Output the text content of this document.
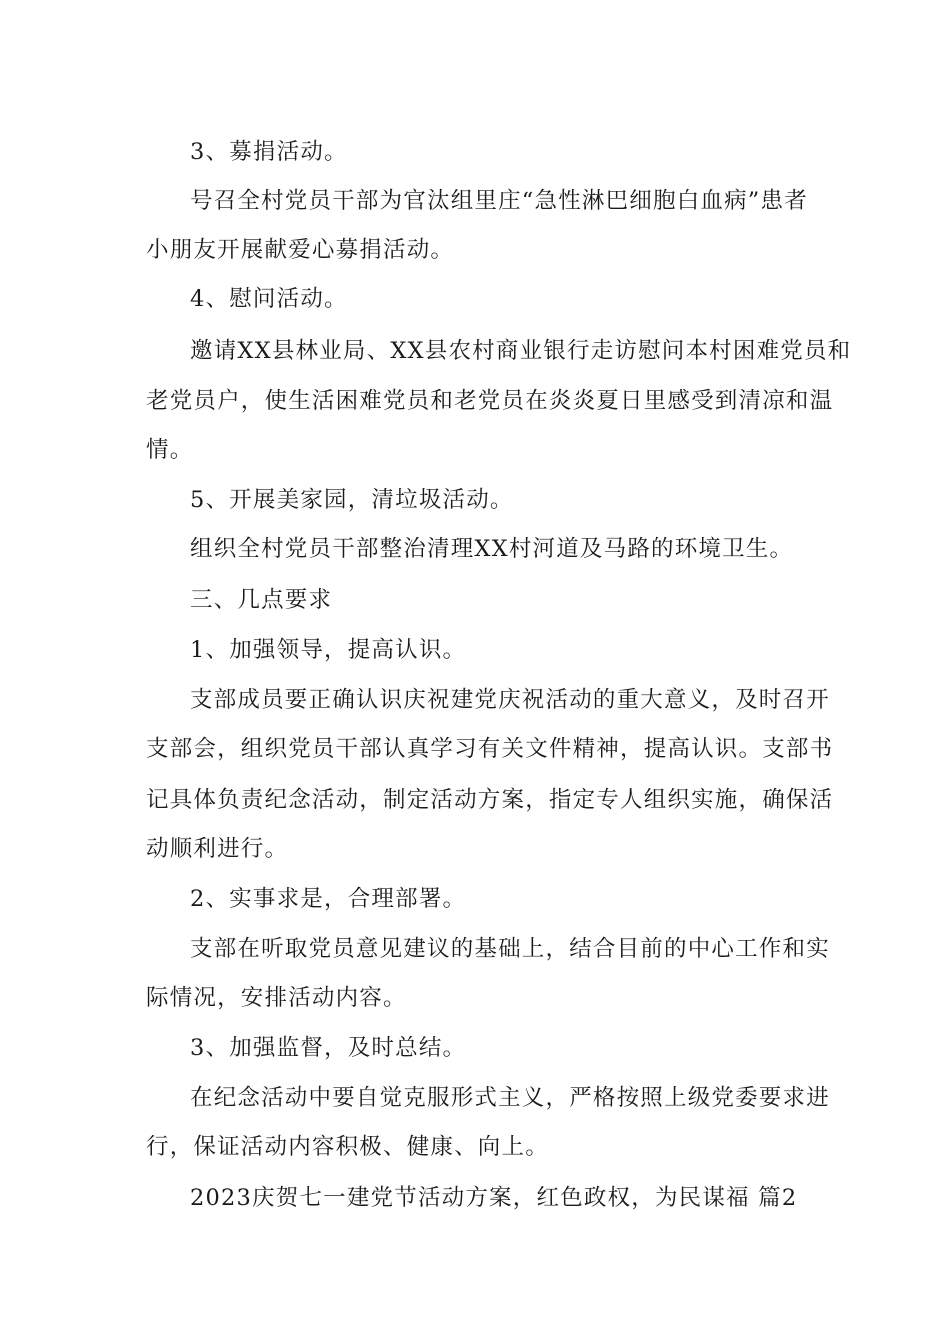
3、募捐活动。
号召全村党员干部为官汰组里庄“急性淋巴细胞白血病”患者
小朋友开展献爱心募捐活动。
4、慰问活动。
邀请XX县林业局、XX县农村商业银行走访慰问本村困难党员和
老党员户，使生活困难党员和老党员在炎炎夏日里感受到清凉和温
情。
5、开展美家园，清垃圾活动。
组织全村党员干部整治清理XX村河道及马路的环境卫生。
三、几点要求
1、加强领导，提高认识。
支部成员要正确认识庆祝建党庆祝活动的重大意义，及时召开
支部会，组织党员干部认真学习有关文件精神，提高认识。支部书
记具体负责纪念活动，制定活动方案，指定专人组织实施，确保活
动顺利进行。
2、实事求是，合理部署。
支部在听取党员意见建议的基础上，结合目前的中心工作和实
际情况，安排活动内容。
3、加强监督，及时总结。
在纪念活动中要自觉克服形式主义，严格按照上级党委要求进
行，保证活动内容积极、健康、向上。
2023庆贺七一建党节活动方案，红色政权，为民谋福 篇2
